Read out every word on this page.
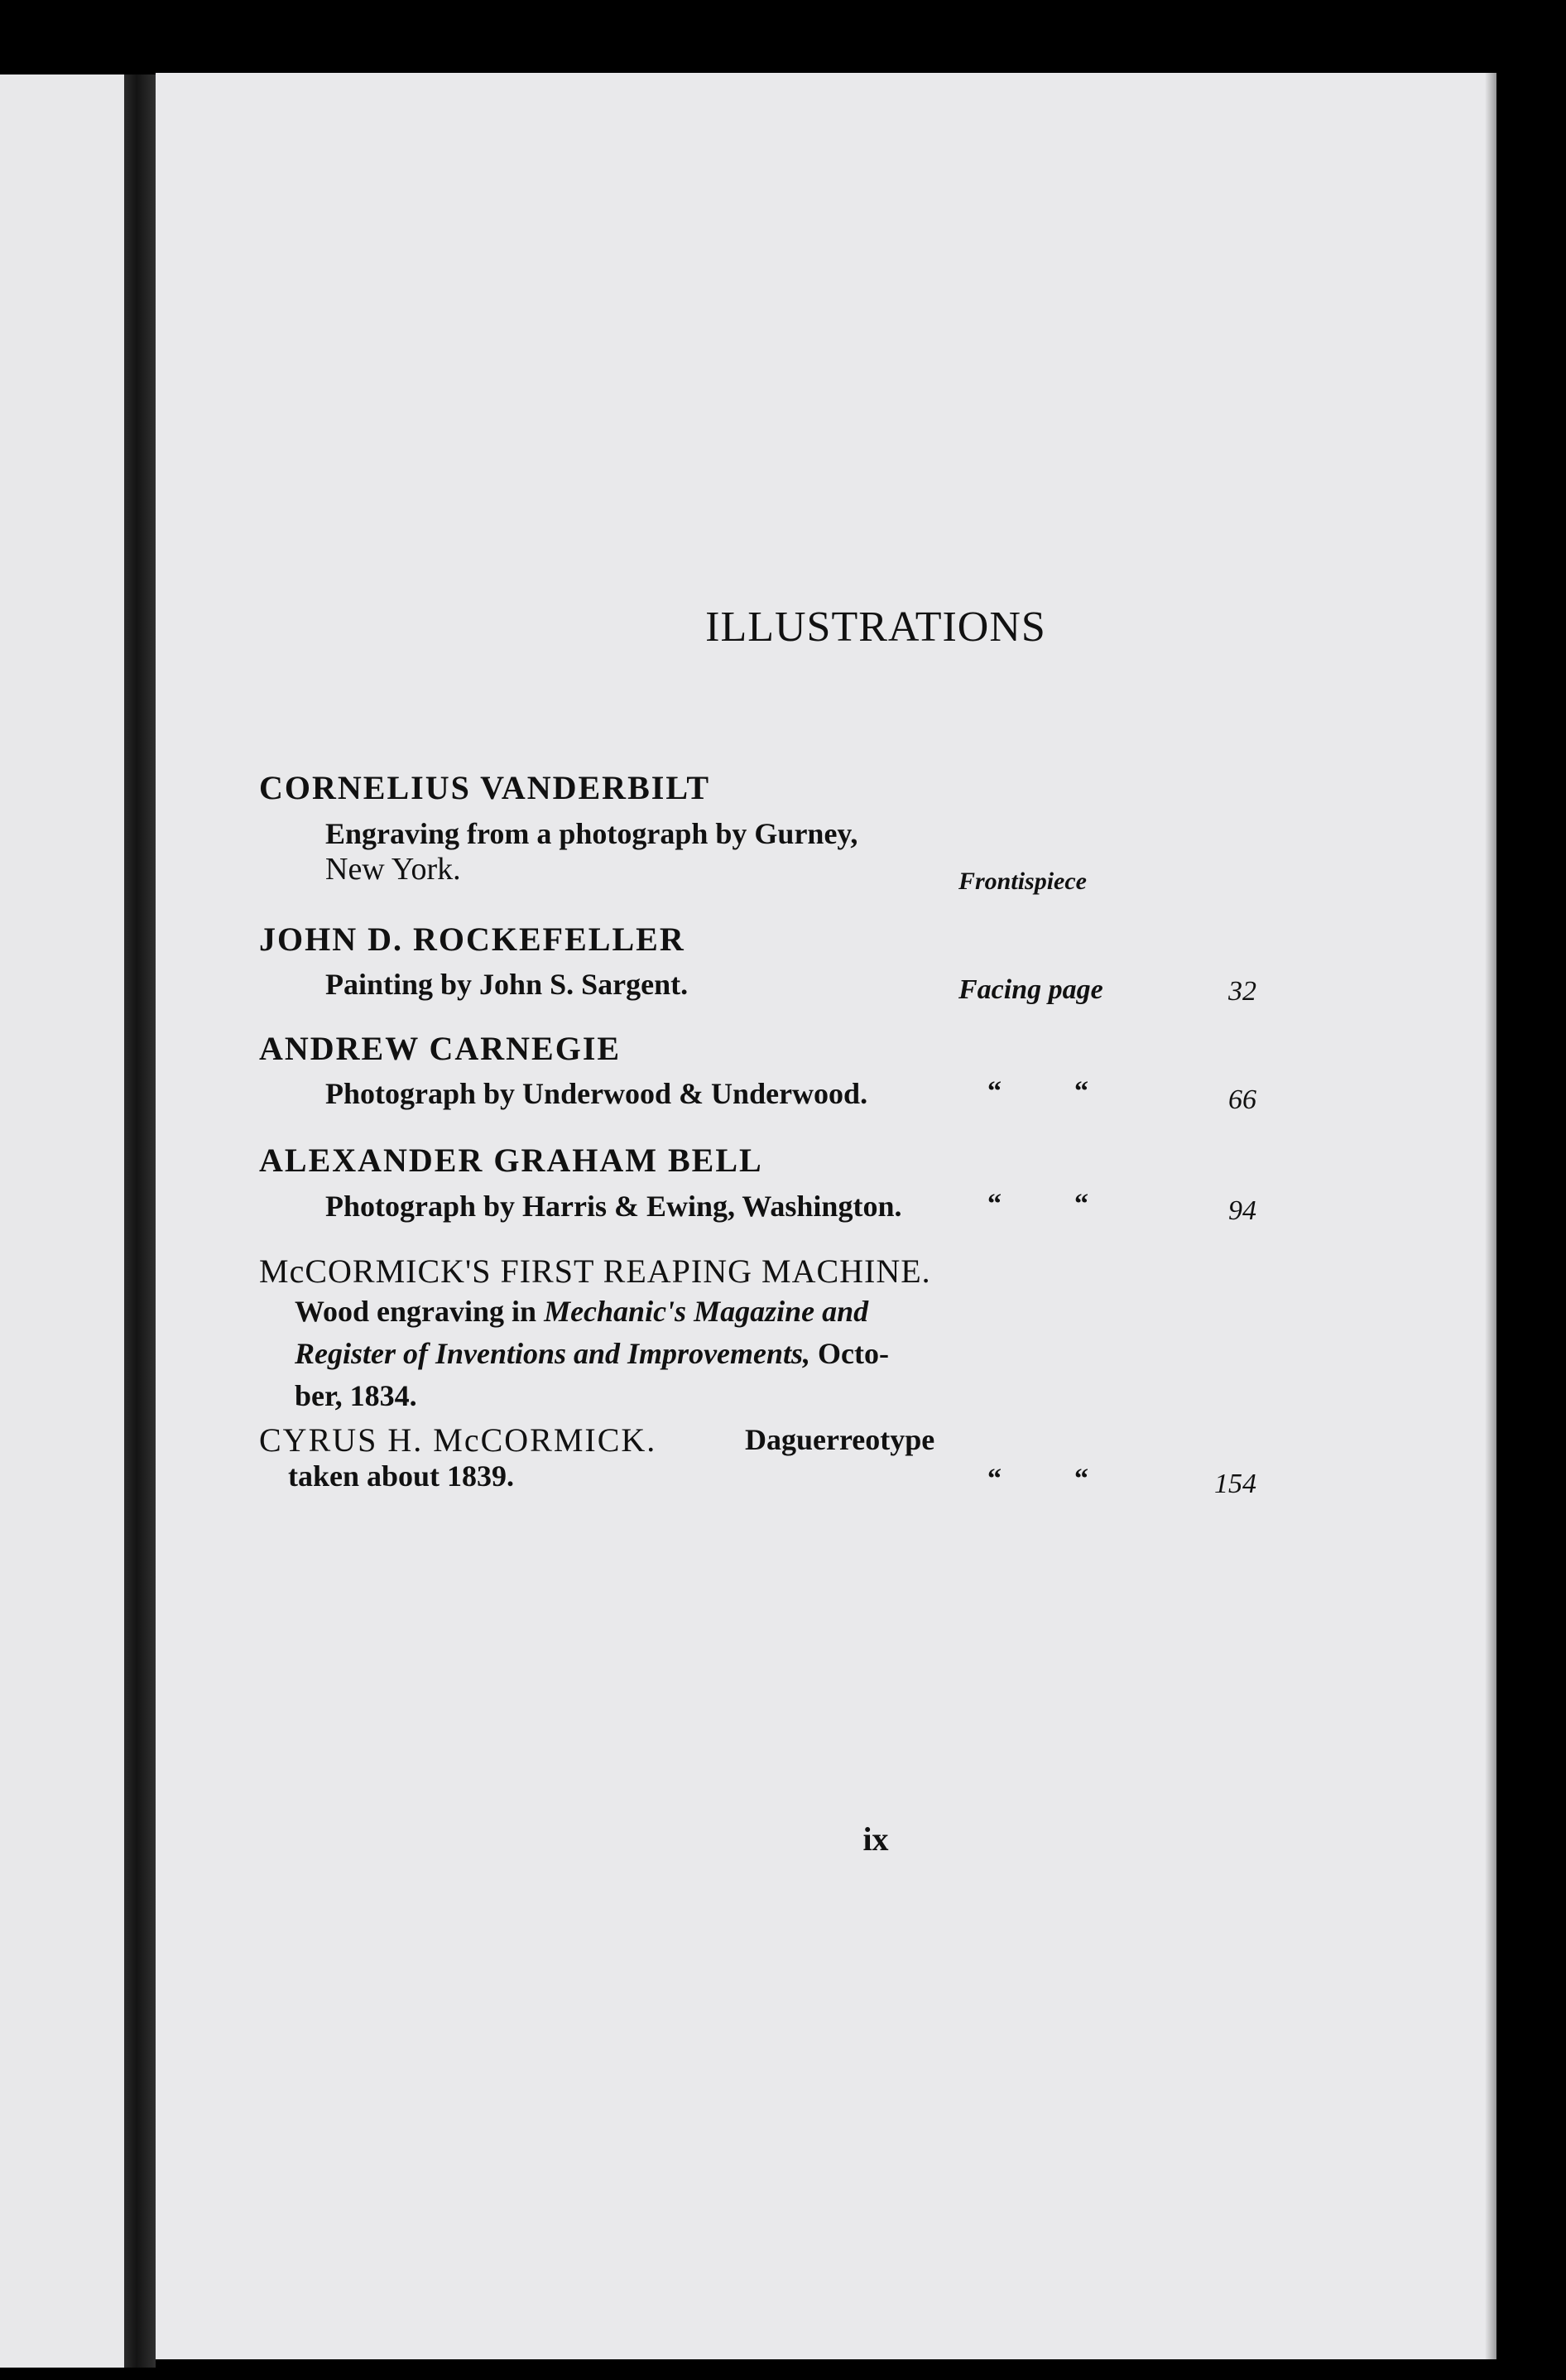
ILLUSTRATIONS
CORNELIUS VANDERBILT
Engraving from a photograph by Gurney,
New York.	Frontispiece
JOHN D. ROCKEFELLER
Painting by John S. Sargent.	Facing page	32
ANDREW CARNEGIE
Photograph by Underwood & Underwood.	“	“	66
ALEXANDER GRAHAM BELL
Photograph by Harris & Ewing, Washington.	“	“	94
McCORMICK'S FIRST REAPING MACHINE.
Wood engraving in Mechanic's Magazine and
Register of Inventions and Improvements, Octo-
ber, 1834.
CYRUS H. McCORMICK.	Daguerreotype
taken about 1839.	“	“	154
ix
